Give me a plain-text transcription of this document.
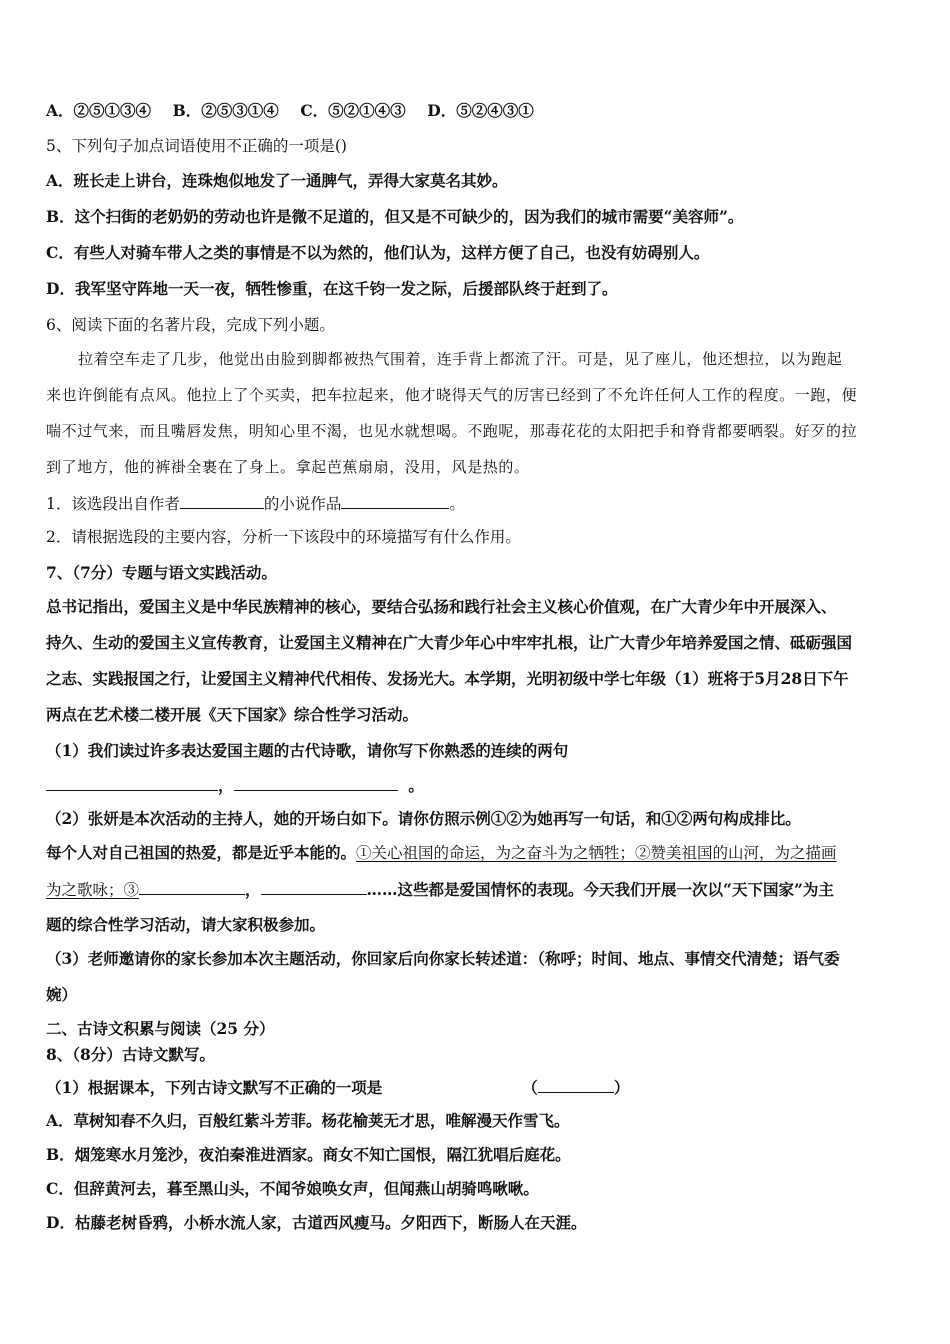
A．②⑤①③④ B．②⑤③①④ C．⑤②①④③ D．⑤②④③①
5、下列句子加点词语使用不正确的一项是()
A．班长走上讲台，连珠炮似地发了一通脾气，弄得大家莫名其妙。
B．这个扫街的老奶奶的劳动也许是微不足道的，但又是不可缺少的，因为我们的城市需要“美容师”。
C．有些人对骑车带人之类的事情是不以为然的，他们认为，这样方便了自己，也没有妨碍别人。
D．我军坚守阵地一天一夜，牺牲惨重，在这千钧一发之际，后援部队终于赶到了。
6、阅读下面的名著片段，完成下列小题。
拉着空车走了几步，他觉出由脸到脚都被热气围着，连手背上都流了汗。可是，见了座儿，他还想拉，以为跑起
来也许倒能有点风。他拉上了个买卖，把车拉起来，他才晓得天气的厉害已经到了不允许任何人工作的程度。一跑，便
喘不过气来，而且嘴唇发焦，明知心里不渴，也见水就想喝。不跑呢，那毒花花的太阳把手和脊背都要晒裂。好歹的拉
到了地方，他的裤褂全裹在了身上。拿起芭蕉扇扇，没用，风是热的。
1．该选段出自作者	的小说作品	。
2．请根据选段的主要内容，分析一下该段中的环境描写有什么作用。
7、（7分）专题与语文实践活动。
总书记指出，爱国主义是中华民族精神的核心，要结合弘扬和践行社会主义核心价值观，在广大青少年中开展深入、
持久、生动的爱国主义宣传教育，让爱国主义精神在广大青少年心中牢牢扎根，让广大青少年培养爱国之情、砥砺强国
之志、实践报国之行，让爱国主义精神代代相传、发扬光大。本学期，光明初级中学七年级（1）班将于5月28日下午
两点在艺术楼二楼开展《天下国家》综合性学习活动。
（1）我们读过许多表达爱国主题的古代诗歌，请你写下你熟悉的连续的两句
，	。
（2）张妍是本次活动的主持人，她的开场白如下。请你仿照示例①②为她再写一句话，和①②两句构成排比。
每个人对自己祖国的热爱，都是近乎本能的。①关心祖国的命运，为之奋斗为之牺牲；②赞美祖国的山河，为之描画
为之歌咏；③	，	……这些都是爱国情怀的表现。今天我们开展一次以“天下国家”为主
题的综合性学习活动，请大家积极参加。
（3）老师邀请你的家长参加本次主题活动，你回家后向你家长转述道：（称呼；时间、地点、事情交代清楚；语气委
婉）
二、古诗文积累与阅读（25 分）
8、（8分）古诗文默写。
（1）根据课本，下列古诗文默写不正确的一项是	（	）
A．草树知春不久归，百般红紫斗芳菲。杨花榆荚无才思，唯解漫天作雪飞。
B．烟笼寒水月笼沙，夜泊秦淮进酒家。商女不知亡国恨，隔江犹唱后庭花。
C．但辞黄河去，暮至黑山头，不闻爷娘唤女声，但闻燕山胡骑鸣啾啾。
D．枯藤老树昏鸦，小桥水流人家，古道西风瘦马。夕阳西下，断肠人在天涯。
